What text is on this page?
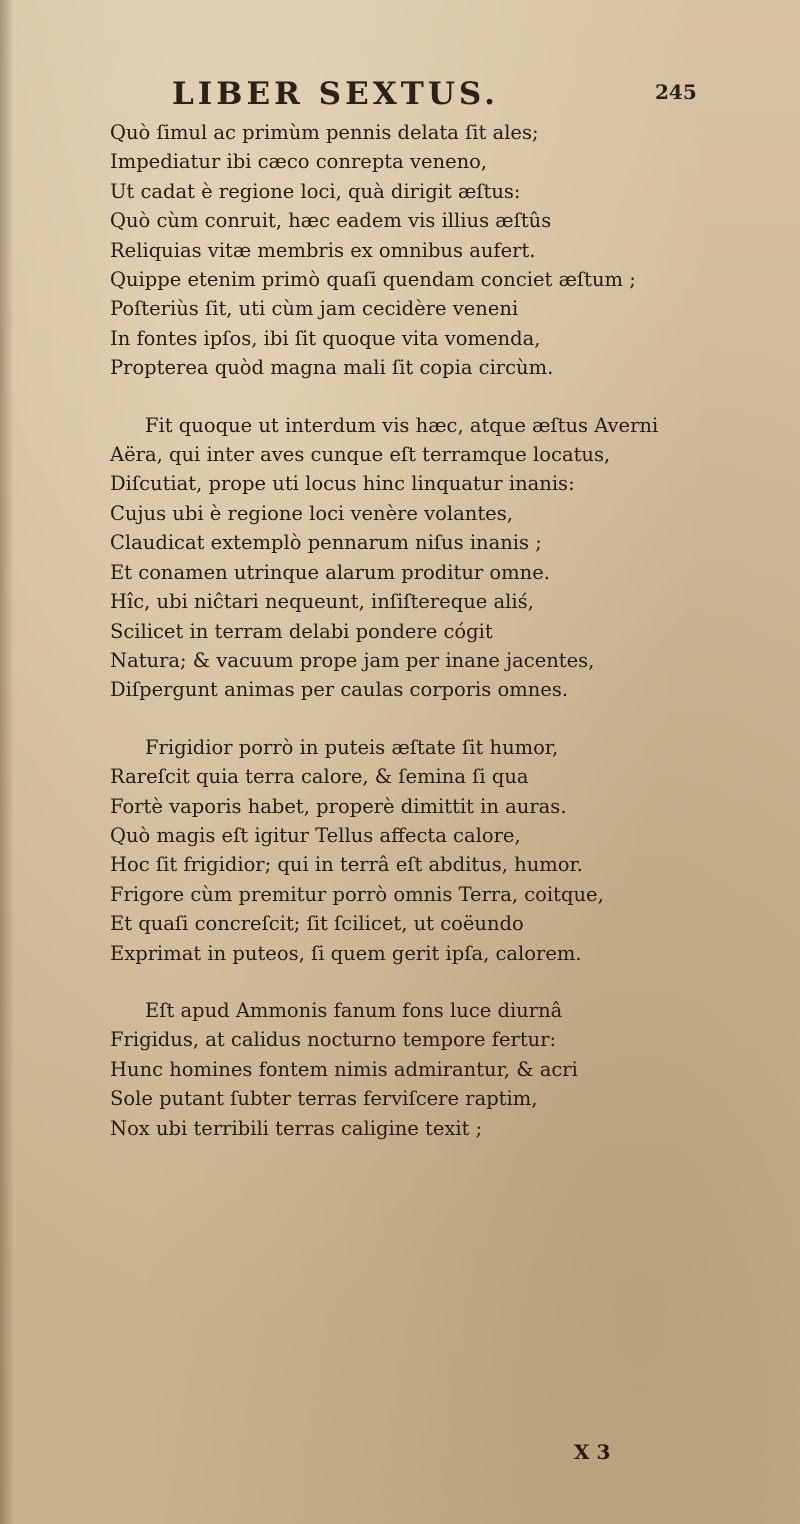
LIBER SEXTUS.	245
Quò ſimul ac primùm pennis delata ſit ales;
Impediatur ibi cæco conrepta veneno,
Ut cadat è regione loci, quà dirigit æſtus:
Quò cùm conruit, hæc eadem vis illius æſtûs
Reliquias vitæ membris ex omnibus aufert.
Quippe etenim primò quaſi quendam conciet æſtum ;
Poſteriùs ſit, uti cùm jam cecidère veneni
In fontes ipſos, ibi ſit quoque vita vomenda,
Propterea quòd magna mali ſit copia circùm.
Fit quoque ut interdum vis hæc, atque æſtus Averni
Aëra, qui inter aves cunque eſt terramque locatus,
Diſcutiat, prope uti locus hinc linquatur inanis:
Cujus ubi è regione loci venère volantes,
Claudicat extemplò pennarum niſus inanis ;
Et conamen utrinque alarum proditur omne.
Hîc, ubi niĉtari nequeunt, inſiſtereque aliś,
Scilicet in terram delabi pondere cógit
Natura; & vacuum prope jam per inane jacentes,
Diſpergunt animas per caulas corporis omnes.
Frigidior porrò in puteis æſtate ſit humor,
Rareſcit quia terra calore, & ſemina ſi qua
Fortè vaporis habet, properè dimittit in auras.
Quò magis eſt igitur Tellus affecta calore,
Hoc ſit frigidior; qui in terrâ eſt abditus, humor.
Frigore cùm premitur porrò omnis Terra, coitque,
Et quaſi concreſcit; ſit ſcilicet, ut coëundo
Exprimat in puteos, ſi quem gerit ipſa, calorem.
Eſt apud Ammonis fanum fons luce diurnâ
Frigidus, at calidus nocturno tempore fertur:
Hunc homines fontem nimis admirantur, & acri
Sole putant ſubter terras ferviſcere raptim,
Nox ubi terribili terras caligine texit ;
X 3
